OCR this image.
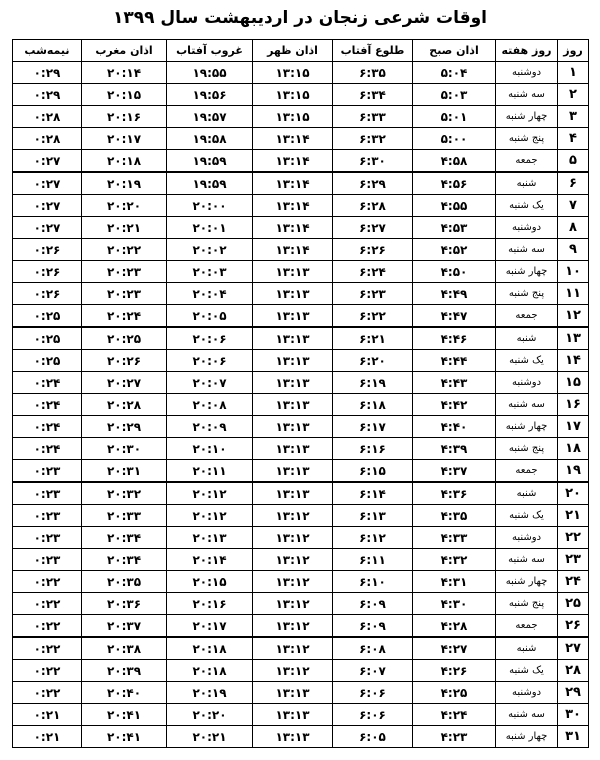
اوقات شرعی زنجان در اردیبهشت سال ۱۳۹۹
روز	روز هفته	اذان صبح	طلوع آفتاب	اذان ظهر	غروب آفتاب	اذان مغرب	نیمه‌شب
۱	دوشنبه	۵:۰۴	۶:۳۵	۱۳:۱۵	۱۹:۵۵	۲۰:۱۴	۰:۲۹
۲	سه شنبه	۵:۰۳	۶:۳۴	۱۳:۱۵	۱۹:۵۶	۲۰:۱۵	۰:۲۹
۳	چهار شنبه	۵:۰۱	۶:۳۳	۱۳:۱۵	۱۹:۵۷	۲۰:۱۶	۰:۲۸
۴	پنج شنبه	۵:۰۰	۶:۳۲	۱۳:۱۴	۱۹:۵۸	۲۰:۱۷	۰:۲۸
۵	جمعه	۴:۵۸	۶:۳۰	۱۳:۱۴	۱۹:۵۹	۲۰:۱۸	۰:۲۷
۶	شنبه	۴:۵۶	۶:۲۹	۱۳:۱۴	۱۹:۵۹	۲۰:۱۹	۰:۲۷
۷	یک شنبه	۴:۵۵	۶:۲۸	۱۳:۱۴	۲۰:۰۰	۲۰:۲۰	۰:۲۷
۸	دوشنبه	۴:۵۳	۶:۲۷	۱۳:۱۴	۲۰:۰۱	۲۰:۲۱	۰:۲۷
۹	سه شنبه	۴:۵۲	۶:۲۶	۱۳:۱۴	۲۰:۰۲	۲۰:۲۲	۰:۲۶
۱۰	چهار شنبه	۴:۵۰	۶:۲۴	۱۳:۱۳	۲۰:۰۳	۲۰:۲۳	۰:۲۶
۱۱	پنج شنبه	۴:۴۹	۶:۲۳	۱۳:۱۳	۲۰:۰۴	۲۰:۲۳	۰:۲۶
۱۲	جمعه	۴:۴۷	۶:۲۲	۱۳:۱۳	۲۰:۰۵	۲۰:۲۴	۰:۲۵
۱۳	شنبه	۴:۴۶	۶:۲۱	۱۳:۱۳	۲۰:۰۶	۲۰:۲۵	۰:۲۵
۱۴	یک شنبه	۴:۴۴	۶:۲۰	۱۳:۱۳	۲۰:۰۶	۲۰:۲۶	۰:۲۵
۱۵	دوشنبه	۴:۴۳	۶:۱۹	۱۳:۱۳	۲۰:۰۷	۲۰:۲۷	۰:۲۴
۱۶	سه شنبه	۴:۴۲	۶:۱۸	۱۳:۱۳	۲۰:۰۸	۲۰:۲۸	۰:۲۴
۱۷	چهار شنبه	۴:۴۰	۶:۱۷	۱۳:۱۳	۲۰:۰۹	۲۰:۲۹	۰:۲۴
۱۸	پنج شنبه	۴:۳۹	۶:۱۶	۱۳:۱۳	۲۰:۱۰	۲۰:۳۰	۰:۲۴
۱۹	جمعه	۴:۳۷	۶:۱۵	۱۳:۱۳	۲۰:۱۱	۲۰:۳۱	۰:۲۳
۲۰	شنبه	۴:۳۶	۶:۱۴	۱۳:۱۳	۲۰:۱۲	۲۰:۳۲	۰:۲۳
۲۱	یک شنبه	۴:۳۵	۶:۱۳	۱۳:۱۲	۲۰:۱۲	۲۰:۳۳	۰:۲۳
۲۲	دوشنبه	۴:۳۳	۶:۱۲	۱۳:۱۲	۲۰:۱۳	۲۰:۳۴	۰:۲۳
۲۳	سه شنبه	۴:۳۲	۶:۱۱	۱۳:۱۲	۲۰:۱۴	۲۰:۳۴	۰:۲۳
۲۴	چهار شنبه	۴:۳۱	۶:۱۰	۱۳:۱۲	۲۰:۱۵	۲۰:۳۵	۰:۲۲
۲۵	پنج شنبه	۴:۳۰	۶:۰۹	۱۳:۱۲	۲۰:۱۶	۲۰:۳۶	۰:۲۲
۲۶	جمعه	۴:۲۸	۶:۰۹	۱۳:۱۲	۲۰:۱۷	۲۰:۳۷	۰:۲۲
۲۷	شنبه	۴:۲۷	۶:۰۸	۱۳:۱۲	۲۰:۱۸	۲۰:۳۸	۰:۲۲
۲۸	یک شنبه	۴:۲۶	۶:۰۷	۱۳:۱۲	۲۰:۱۸	۲۰:۳۹	۰:۲۲
۲۹	دوشنبه	۴:۲۵	۶:۰۶	۱۳:۱۳	۲۰:۱۹	۲۰:۴۰	۰:۲۲
۳۰	سه شنبه	۴:۲۴	۶:۰۶	۱۳:۱۳	۲۰:۲۰	۲۰:۴۱	۰:۲۱
۳۱	چهار شنبه	۴:۲۳	۶:۰۵	۱۳:۱۳	۲۰:۲۱	۲۰:۴۱	۰:۲۱
